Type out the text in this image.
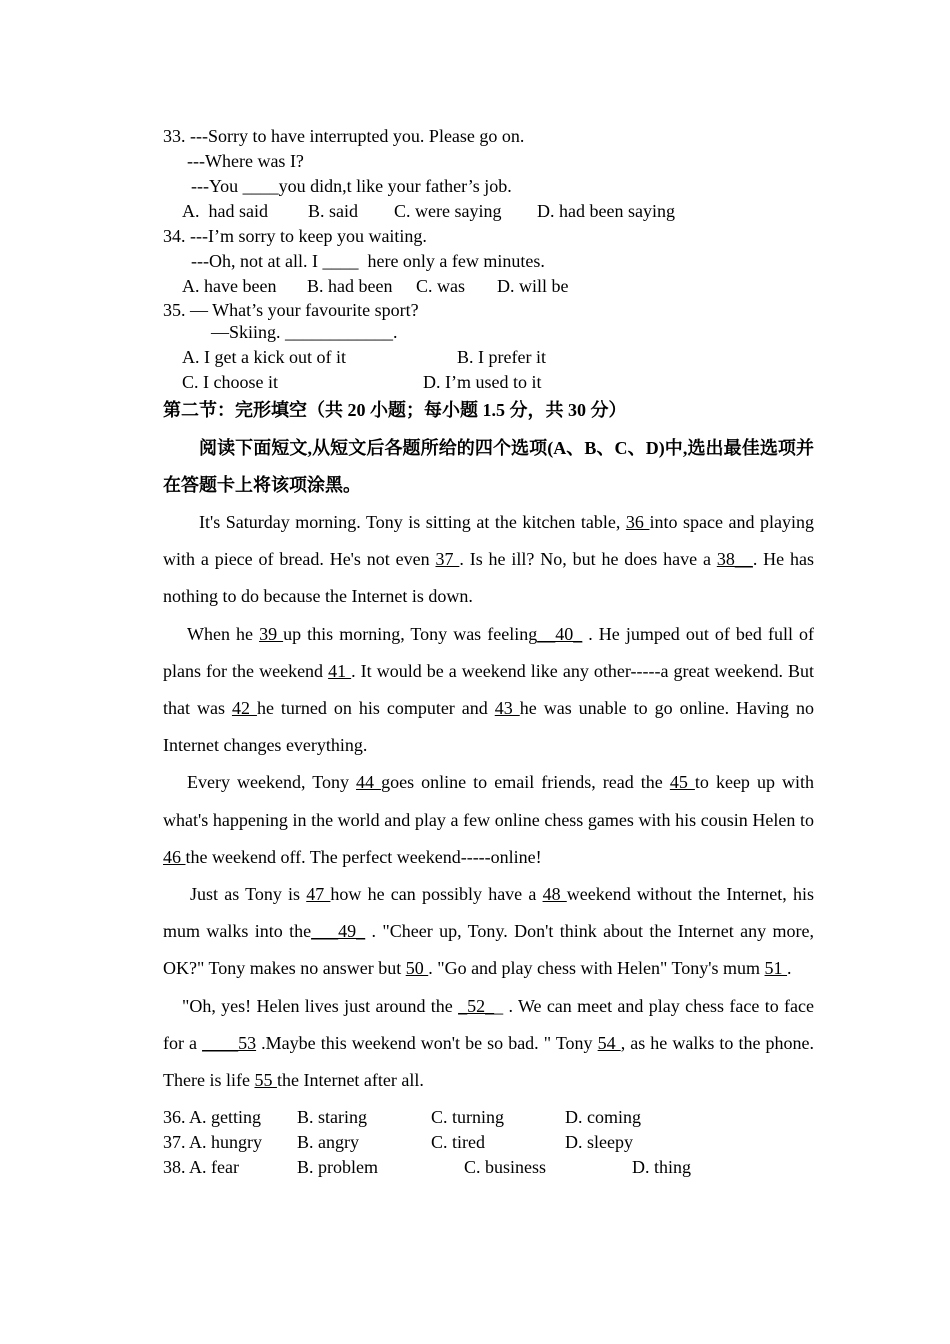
33. ---Sorry to have interrupted you. Please go on.
---Where was I?
---You ____you didn,t like your father’s job.

A.  had said

B. said

C. were saying

D. had been saying

34. ---I’m sorry to keep you waiting.
---Oh, not at all. I ____  here only a few minutes.

A. have been

B. had been

C. was

D. will be

35. — What’s your favourite sport?
—Skiing. ____________.

A. I get a kick out of it

	B. I prefer it

C. I choose it

	D. I’m used to it

第二节：完形填空（共 20 小题；每小题 1.5 分，共 30 分）
阅读下面短文,从短文后各题所给的四个选项(A、B、C、D)中,选出最佳选项并在答题卡上将该项涂黑。

It's Saturday morning. Tony is sitting at the kitchen table, 36 into space and playing with a piece of bread. He's not even 37 . Is he ill? No, but he does have a 38__. He has nothing to do because the Internet is down.

When he 39 up this morning, Tony was feeling__40_ . He jumped out of bed full of plans for the weekend 41 . It would be a weekend like any other-----a great weekend. But that was 42 he turned on his computer and 43 he was unable to go online. Having no Internet changes everything.

Every weekend, Tony 44 goes online to email friends, read the 45 to keep up with what's happening in the world and play a few online chess games with his cousin Helen to 46 the weekend off. The perfect weekend-----online!

Just as Tony is 47 how he can possibly have a 48 weekend without the Internet, his mum walks into the___49_ . "Cheer up, Tony. Don't think about the Internet any more, OK?" Tony makes no answer but 50 . "Go and play chess with Helen" Tony's mum 51 .

"Oh, yes! Helen lives just around the _52__ . We can meet and play chess face to face for a ____53 .Maybe this weekend won't be so bad. " Tony 54 , as he walks to the phone. There is life 55 the Internet after all.

36. A. getting

B. staring

	C. turning

	D. coming

37. A. hungry

B. angry

	C. tired

	D. sleepy

38. A. fear

	B. problem

	C. business

	D. thing
